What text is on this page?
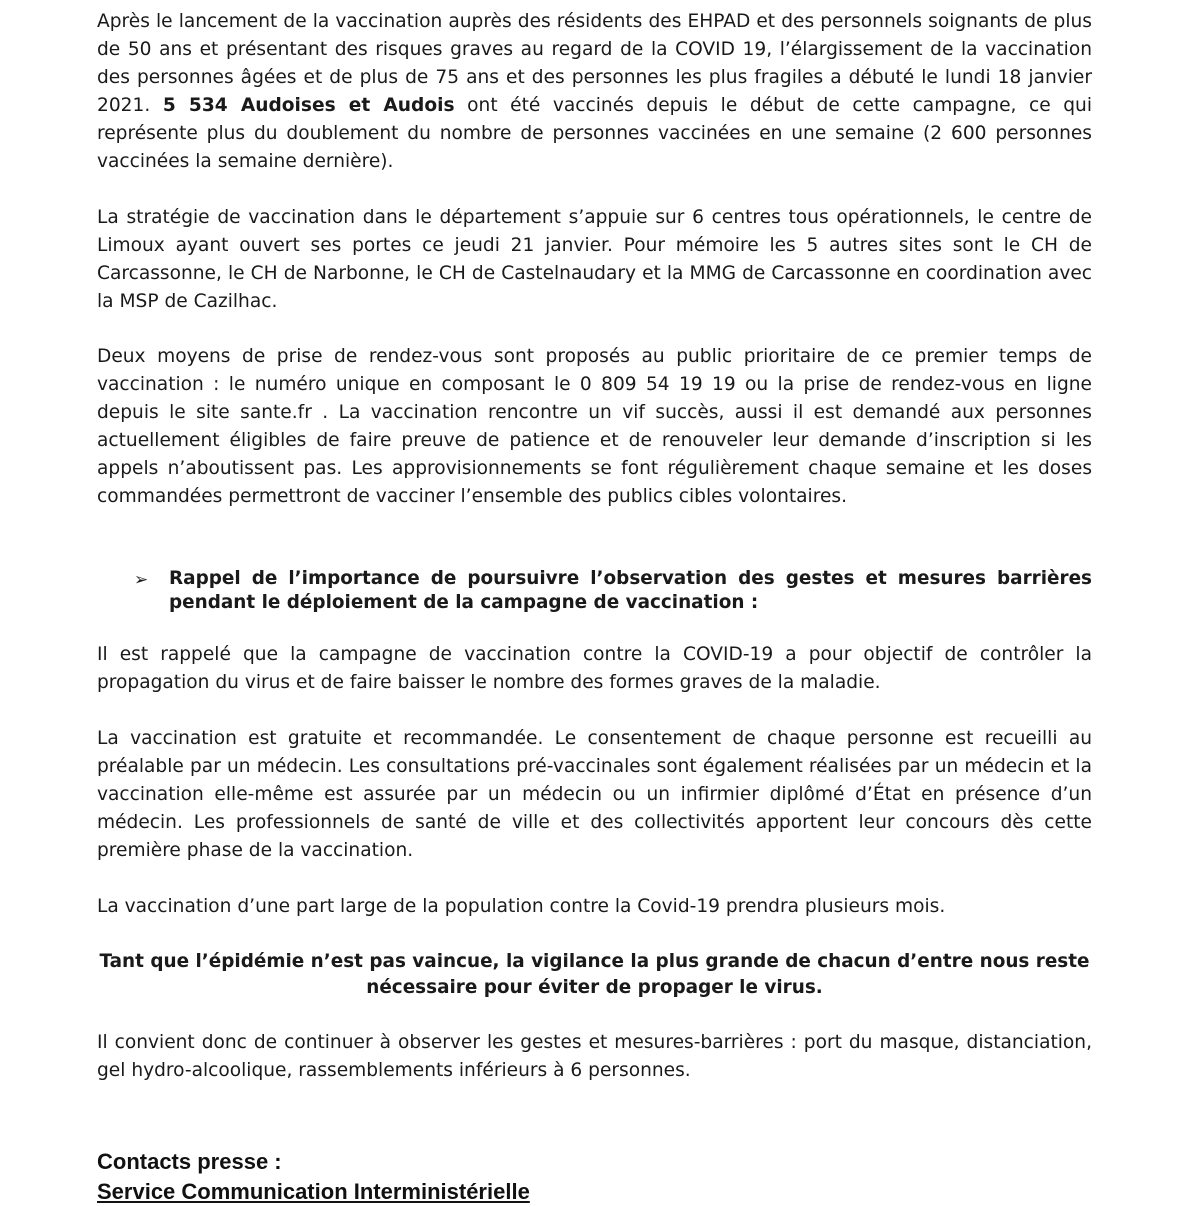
Après le lancement de la vaccination auprès des résidents des EHPAD et des personnels soignants de plus de 50 ans et présentant des risques graves au regard de la COVID 19, l’élargissement de la vaccination des personnes âgées et de plus de 75 ans et des personnes les plus fragiles a débuté le lundi 18 janvier 2021. 5 534 Audoises et Audois ont été vaccinés depuis le début de cette campagne, ce qui représente plus du doublement du nombre de personnes vaccinées en une semaine (2 600 personnes vaccinées la semaine dernière).

La stratégie de vaccination dans le département s’appuie sur 6 centres tous opérationnels, le centre de Limoux ayant ouvert ses portes ce jeudi 21 janvier. Pour mémoire les 5 autres sites sont le CH de Carcassonne, le CH de Narbonne, le CH de Castelnaudary et la MMG de Carcassonne en coordination avec la MSP de Cazilhac.

Deux moyens de prise de rendez-vous sont proposés au public prioritaire de ce premier temps de vaccination : le numéro unique en composant le 0 809 54 19 19 ou la prise de rendez-vous en ligne depuis le site sante.fr . La vaccination rencontre un vif succès, aussi il est demandé aux personnes actuellement éligibles de faire preuve de patience et de renouveler leur demande d’inscription si les appels n’aboutissent pas. Les approvisionnements se font régulièrement chaque semaine et les doses commandées permettront de vacciner l’ensemble des publics cibles volontaires.

➢ Rappel de l’importance de poursuivre l’observation des gestes et mesures barrières pendant le déploiement de la campagne de vaccination :

Il est rappelé que la campagne de vaccination contre la COVID-19 a pour objectif de contrôler la propagation du virus et de faire baisser le nombre des formes graves de la maladie.

La vaccination est gratuite et recommandée. Le consentement de chaque personne est recueilli au préalable par un médecin. Les consultations pré-vaccinales sont également réalisées par un médecin et la vaccination elle-même est assurée par un médecin ou un infirmier diplômé d’État en présence d’un médecin. Les professionnels de santé de ville et des collectivités apportent leur concours dès cette première phase de la vaccination.

La vaccination d’une part large de la population contre la Covid-19 prendra plusieurs mois.

Tant que l’épidémie n’est pas vaincue, la vigilance la plus grande de chacun d’entre nous reste
nécessaire pour éviter de propager le virus.

Il convient donc de continuer à observer les gestes et mesures-barrières : port du masque, distanciation, gel hydro-alcoolique, rassemblements inférieurs à 6 personnes.

Contacts presse :
Service Communication Interministérielle
